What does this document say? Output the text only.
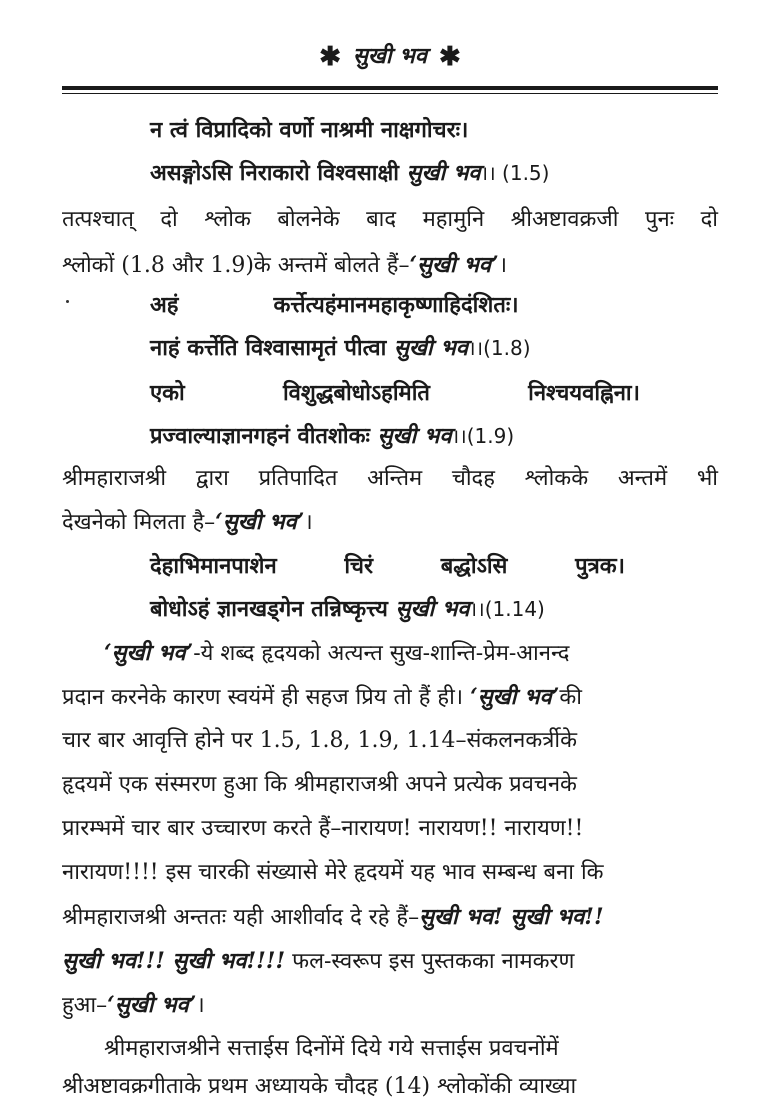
✱ सुखी भव ✱
न त्वं विप्रादिको वर्णो नाश्रमी नाक्षगोचरः।
असङ्गोऽसि निराकारो विश्वसाक्षी सुखी भव।। (1.5)
तत्पश्चात् दो श्लोक बोलनेके बाद महामुनि श्रीअष्टावक्रजी पुनः दो
श्लोकों (1.8 और 1.9)के अन्तमें बोलते हैं–‘सुखी भव’।
अहं	कर्त्तेत्यहंमानमहाकृष्णाहिदंशितः।
नाहं कर्त्तेति विश्वासामृतं पीत्वा सुखी भव।।(1.8)
एको	विशुद्धबोधोऽहमिति	निश्चयवह्निना।
प्रज्वाल्याज्ञानगहनं वीतशोकः सुखी भव।।(1.9)
श्रीमहाराजश्री द्वारा प्रतिपादित अन्तिम चौदह श्लोकके अन्तमें भी
देखनेको मिलता है–‘सुखी भव’।
देहाभिमानपाशेन	चिरं	बद्धोऽसि	पुत्रक।
बोधोऽहं ज्ञानखड्गेन तन्निष्कृत्त्य सुखी भव।।(1.14)
‘सुखी भव’-ये शब्द हृदयको अत्यन्त सुख-शान्ति-प्रेम-आनन्द
प्रदान करनेके कारण स्वयंमें ही सहज प्रिय तो हैं ही। ‘सुखी भव’की
चार बार आवृत्ति होने पर 1.5, 1.8, 1.9, 1.14–संकलनकर्त्रीके
हृदयमें एक संस्मरण हुआ कि श्रीमहाराजश्री अपने प्रत्येक प्रवचनके
प्रारम्भमें चार बार उच्चारण करते हैं–नारायण! नारायण!! नारायण!!
नारायण!!!! इस चारकी संख्यासे मेरे हृदयमें यह भाव सम्बन्ध बना कि
श्रीमहाराजश्री अन्ततः यही आशीर्वाद दे रहे हैं–सुखी भव! सुखी भव!!
सुखी भव!!! सुखी भव!!!! फल-स्वरूप इस पुस्तकका नामकरण
हुआ–‘सुखी भव’।
श्रीमहाराजश्रीने सत्ताईस दिनोंमें दिये गये सत्ताईस प्रवचनोंमें
श्रीअष्टावक्रगीताके प्रथम अध्यायके चौदह (14) श्लोकोंकी व्याख्या
